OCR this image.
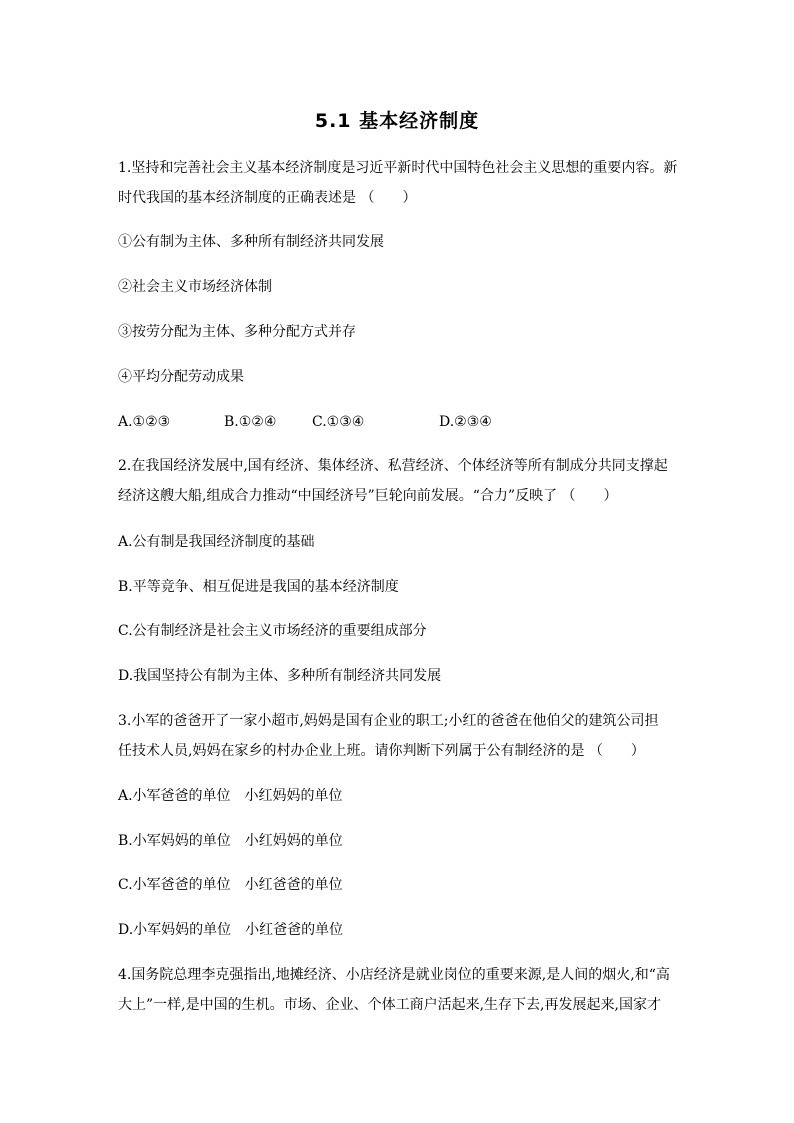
5.1 基本经济制度
1.坚持和完善社会主义基本经济制度是习近平新时代中国特色社会主义思想的重要内容。新
时代我国的基本经济制度的正确表述是 （　　）
①公有制为主体、多种所有制经济共同发展
②社会主义市场经济体制
③按劳分配为主体、多种分配方式并存
④平均分配劳动成果
A.①②③	B.①②④	C.①③④	D.②③④
2.在我国经济发展中,国有经济、集体经济、私营经济、个体经济等所有制成分共同支撑起
经济这艘大船,组成合力推动“中国经济号”巨轮向前发展。“合力”反映了 （　　）
A.公有制是我国经济制度的基础
B.平等竞争、相互促进是我国的基本经济制度
C.公有制经济是社会主义市场经济的重要组成部分
D.我国坚持公有制为主体、多种所有制经济共同发展
3.小军的爸爸开了一家小超市,妈妈是国有企业的职工;小红的爸爸在他伯父的建筑公司担
任技术人员,妈妈在家乡的村办企业上班。请你判断下列属于公有制经济的是 （　　）
A.小军爸爸的单位　小红妈妈的单位
B.小军妈妈的单位　小红妈妈的单位
C.小军爸爸的单位　小红爸爸的单位
D.小军妈妈的单位　小红爸爸的单位
4.国务院总理李克强指出,地摊经济、小店经济是就业岗位的重要来源,是人间的烟火,和“高
大上”一样,是中国的生机。市场、企业、个体工商户活起来,生存下去,再发展起来,国家才
